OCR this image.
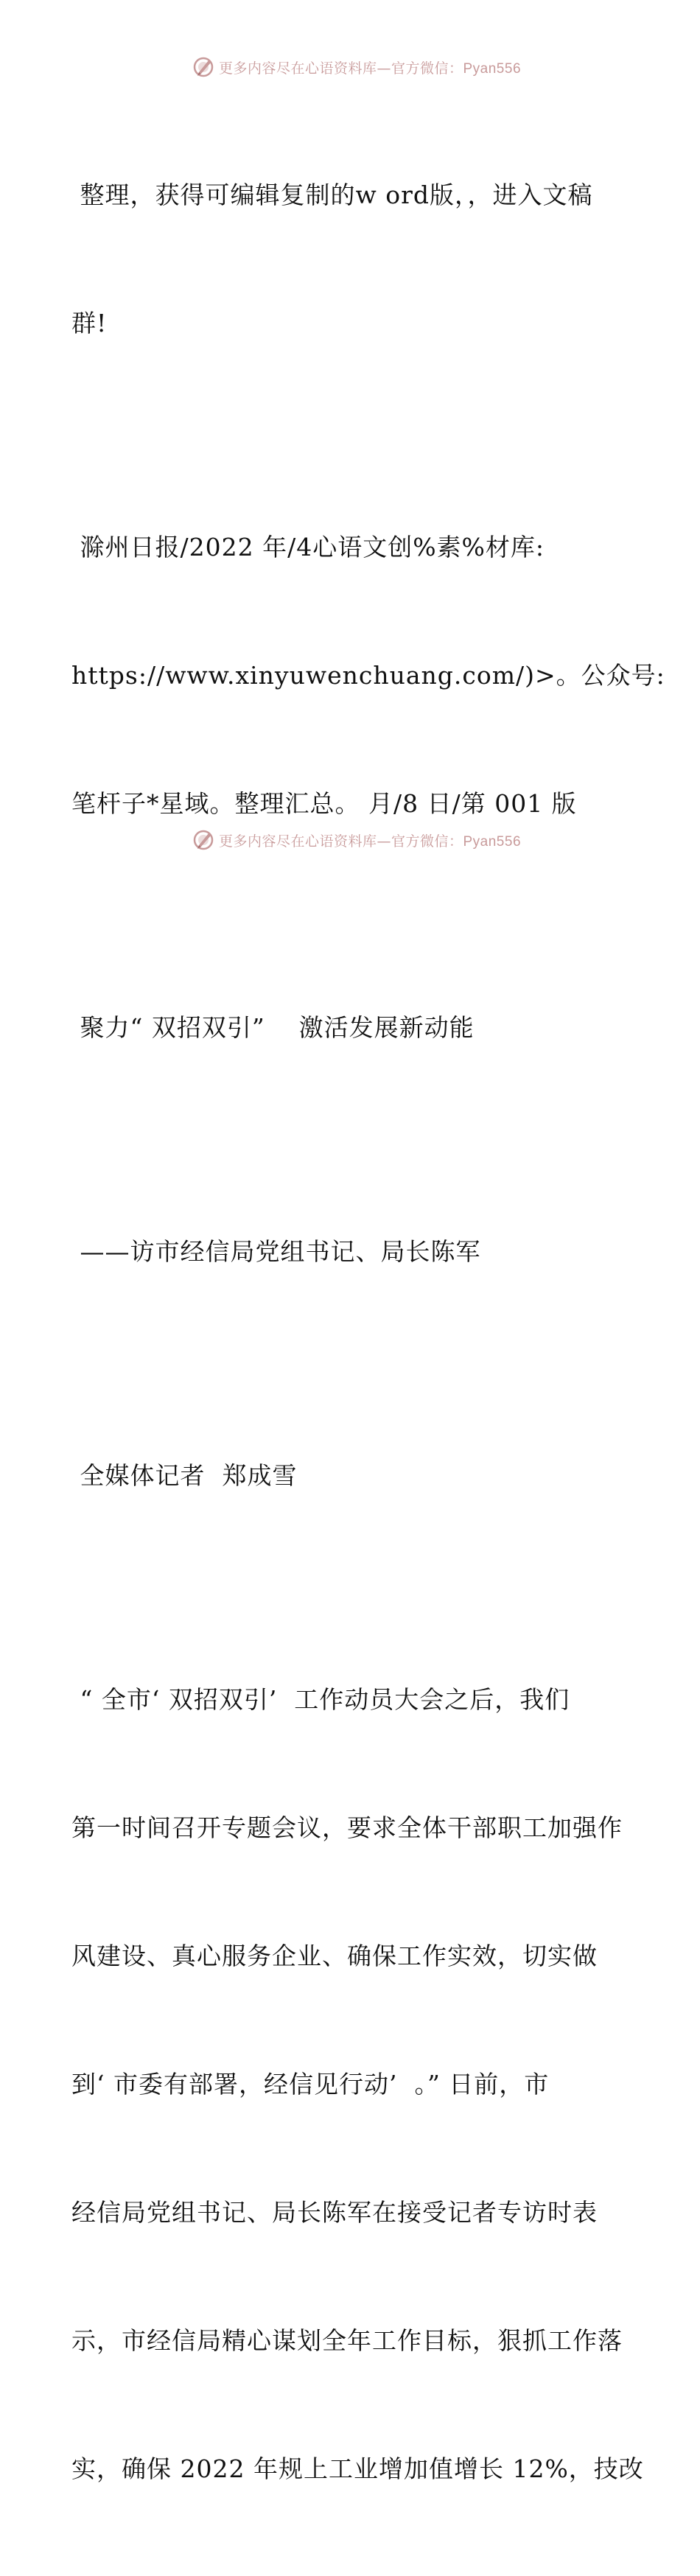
更多内容尽在心语资料库—官方微信：Pyan556

整理，获得可编辑复制的w ord版，，进入文稿

群!

滁州日报/2022 年/4心语文创%素%材库:

https://www.xinyuwenchuang.com/)>。公众号:

笔杆子*星域。整理汇总。 月/8 日/第 001 版

聚力“ 双招双引”    激活发展新动能

——访市经信局党组书记、局长陈军

全媒体记者  郑成雪

“ 全市‘ 双招双引’  工作动员大会之后，我们

第一时间召开专题会议，要求全体干部职工加强作

风建设、真心服务企业、确保工作实效，切实做

到‘ 市委有部署，经信见行动’  。” 日前，市

经信局党组书记、局长陈军在接受记者专访时表

示，市经信局精心谋划全年工作目标，狠抓工作落

实，确保 2022 年规上工业增加值增长 12%，技改

更多内容尽在心语资料库—官方微信：Pyan556
